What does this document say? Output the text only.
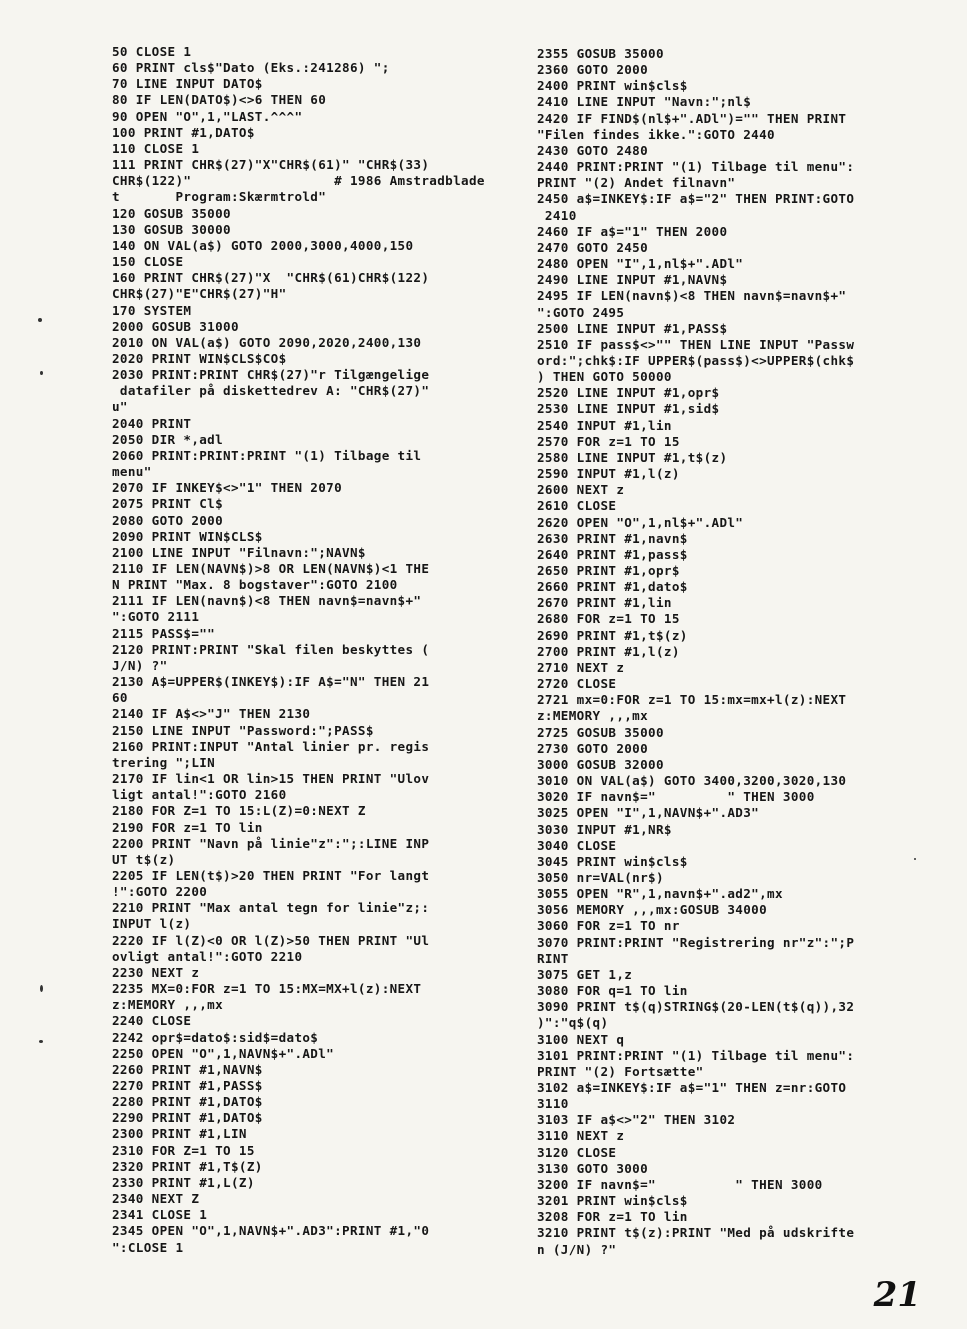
50 CLOSE 1
60 PRINT cls$"Dato (Eks.:241286) ";
70 LINE INPUT DATO$
80 IF LEN(DATO$)<>6 THEN 60
90 OPEN "O",1,"LAST.^^^"
100 PRINT #1,DATO$
110 CLOSE 1
111 PRINT CHR$(27)"X"CHR$(61)" "CHR$(33)
CHR$(122)"                  # 1986 Amstradblade
t       Program:Skærmtrold"
120 GOSUB 35000
130 GOSUB 30000
140 ON VAL(a$) GOTO 2000,3000,4000,150
150 CLOSE
160 PRINT CHR$(27)"X  "CHR$(61)CHR$(122)
CHR$(27)"E"CHR$(27)"H"
170 SYSTEM
2000 GOSUB 31000
2010 ON VAL(a$) GOTO 2090,2020,2400,130
2020 PRINT WIN$CLS$CO$
2030 PRINT:PRINT CHR$(27)"r Tilgængelige
datafiler på diskettedrev A: "CHR$(27)"
u"
2040 PRINT
2050 DIR *,adl
2060 PRINT:PRINT:PRINT "(1) Tilbage til
menu"
2070 IF INKEY$<>"1" THEN 2070
2075 PRINT Cl$
2080 GOTO 2000
2090 PRINT WIN$CLS$
2100 LINE INPUT "Filnavn:";NAVN$
2110 IF LEN(NAVN$)>8 OR LEN(NAVN$)<1 THE
N PRINT "Max. 8 bogstaver":GOTO 2100
2111 IF LEN(navn$)<8 THEN navn$=navn$+"
":GOTO 2111
2115 PASS$=""
2120 PRINT:PRINT "Skal filen beskyttes (
J/N) ?"
2130 A$=UPPER$(INKEY$):IF A$="N" THEN 21
60
2140 IF A$<>"J" THEN 2130
2150 LINE INPUT "Password:";PASS$
2160 PRINT:INPUT "Antal linier pr. regis
trering ";LIN
2170 IF lin<1 OR lin>15 THEN PRINT "Ulov
ligt antal!":GOTO 2160
2180 FOR Z=1 TO 15:L(Z)=0:NEXT Z
2190 FOR z=1 TO lin
2200 PRINT "Navn på linie"z":";:LINE INP
UT t$(z)
2205 IF LEN(t$)>20 THEN PRINT "For langt
!":GOTO 2200
2210 PRINT "Max antal tegn for linie"z;:
INPUT l(z)
2220 IF l(Z)<0 OR l(Z)>50 THEN PRINT "Ul
ovligt antal!":GOTO 2210
2230 NEXT z
2235 MX=0:FOR z=1 TO 15:MX=MX+l(z):NEXT
z:MEMORY ,,,mx
2240 CLOSE
2242 opr$=dato$:sid$=dato$
2250 OPEN "O",1,NAVN$+".ADl"
2260 PRINT #1,NAVN$
2270 PRINT #1,PASS$
2280 PRINT #1,DATO$
2290 PRINT #1,DATO$
2300 PRINT #1,LIN
2310 FOR Z=1 TO 15
2320 PRINT #1,T$(Z)
2330 PRINT #1,L(Z)
2340 NEXT Z
2341 CLOSE 1
2345 OPEN "O",1,NAVN$+".AD3":PRINT #1,"0
":CLOSE 1
2355 GOSUB 35000
2360 GOTO 2000
2400 PRINT win$cls$
2410 LINE INPUT "Navn:";nl$
2420 IF FIND$(nl$+".ADl")="" THEN PRINT
"Filen findes ikke.":GOTO 2440
2430 GOTO 2480
2440 PRINT:PRINT "(1) Tilbage til menu":
PRINT "(2) Andet filnavn"
2450 a$=INKEY$:IF a$="2" THEN PRINT:GOTO
2410
2460 IF a$="1" THEN 2000
2470 GOTO 2450
2480 OPEN "I",1,nl$+".ADl"
2490 LINE INPUT #1,NAVN$
2495 IF LEN(navn$)<8 THEN navn$=navn$+"
":GOTO 2495
2500 LINE INPUT #1,PASS$
2510 IF pass$<>"" THEN LINE INPUT "Passw
ord:";chk$:IF UPPER$(pass$)<>UPPER$(chk$
) THEN GOTO 50000
2520 LINE INPUT #1,opr$
2530 LINE INPUT #1,sid$
2540 INPUT #1,lin
2570 FOR z=1 TO 15
2580 LINE INPUT #1,t$(z)
2590 INPUT #1,l(z)
2600 NEXT z
2610 CLOSE
2620 OPEN "O",1,nl$+".ADl"
2630 PRINT #1,navn$
2640 PRINT #1,pass$
2650 PRINT #1,opr$
2660 PRINT #1,dato$
2670 PRINT #1,lin
2680 FOR z=1 TO 15
2690 PRINT #1,t$(z)
2700 PRINT #1,l(z)
2710 NEXT z
2720 CLOSE
2721 mx=0:FOR z=1 TO 15:mx=mx+l(z):NEXT
z:MEMORY ,,,mx
2725 GOSUB 35000
2730 GOTO 2000
3000 GOSUB 32000
3010 ON VAL(a$) GOTO 3400,3200,3020,130
3020 IF navn$="         " THEN 3000
3025 OPEN "I",1,NAVN$+".AD3"
3030 INPUT #1,NR$
3040 CLOSE
3045 PRINT win$cls$
3050 nr=VAL(nr$)
3055 OPEN "R",1,navn$+".ad2",mx
3056 MEMORY ,,,mx:GOSUB 34000
3060 FOR z=1 TO nr
3070 PRINT:PRINT "Registrering nr"z":";P
RINT
3075 GET 1,z
3080 FOR q=1 TO lin
3090 PRINT t$(q)STRING$(20-LEN(t$(q)),32
)":"q$(q)
3100 NEXT q
3101 PRINT:PRINT "(1) Tilbage til menu":
PRINT "(2) Fortsætte"
3102 a$=INKEY$:IF a$="1" THEN z=nr:GOTO
3110
3103 IF a$<>"2" THEN 3102
3110 NEXT z
3120 CLOSE
3130 GOTO 3000
3200 IF navn$="          " THEN 3000
3201 PRINT win$cls$
3208 FOR z=1 TO lin
3210 PRINT t$(z):PRINT "Med på udskrifte
n (J/N) ?"
21
